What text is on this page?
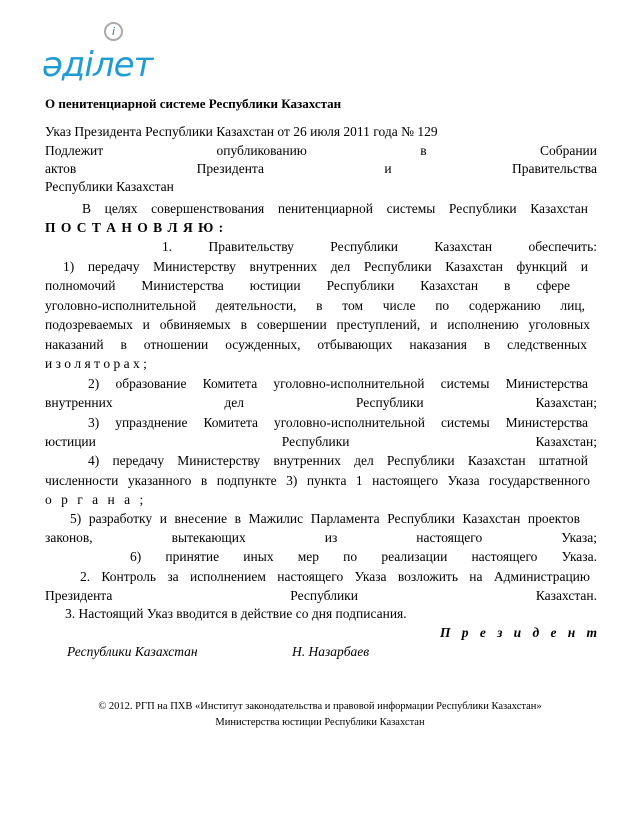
әділет
i
О пенитенциарной системе Республики Казахстан
Указ Президента Республики Казахстан от 26 июля 2011 года № 129
Подлежит опубликованию в Собрании
актов Президента и Правительства
Республики Казахстан
В целях совершенствования пенитенциарной системы Республики Казахстан
П О С Т А Н О В Л Я Ю :
1. Правительству Республики Казахстан обеспечить:
1) передачу Министерству внутренних дел Республики Казахстан функций и
полномочий Министерства юстиции Республики Казахстан в сфере
уголовно-исполнительной деятельности, в том числе по содержанию лиц,
подозреваемых и обвиняемых в совершении преступлений, и исполнению уголовных
наказаний в отношении осужденных, отбывающих наказания в следственных
и з о л я т о р а х ;
2) образование Комитета уголовно-исполнительной системы Министерства
внутренних дел Республики Казахстан;
3) упразднение Комитета уголовно-исполнительной системы Министерства
юстиции Республики Казахстан;
4) передачу Министерству внутренних дел Республики Казахстан штатной
численности указанного в подпункте 3) пункта 1 настоящего Указа государственного
о р г а н а ;
5) разработку и внесение в Мажилис Парламента Республики Казахстан проектов
законов, вытекающих из настоящего Указа;
6) принятие иных мер по реализации настоящего Указа.
2. Контроль за исполнением настоящего Указа возложить на Администрацию
Президента Республики Казахстан.
3. Настоящий Указ вводится в действие со дня подписания.
П р е з и д е н т
Республики Казахстан	Н. Назарбаев
© 2012. РГП на ПХВ «Институт законодательства и правовой информации Республики Казахстан»
Министерства юстиции Республики Казахстан
